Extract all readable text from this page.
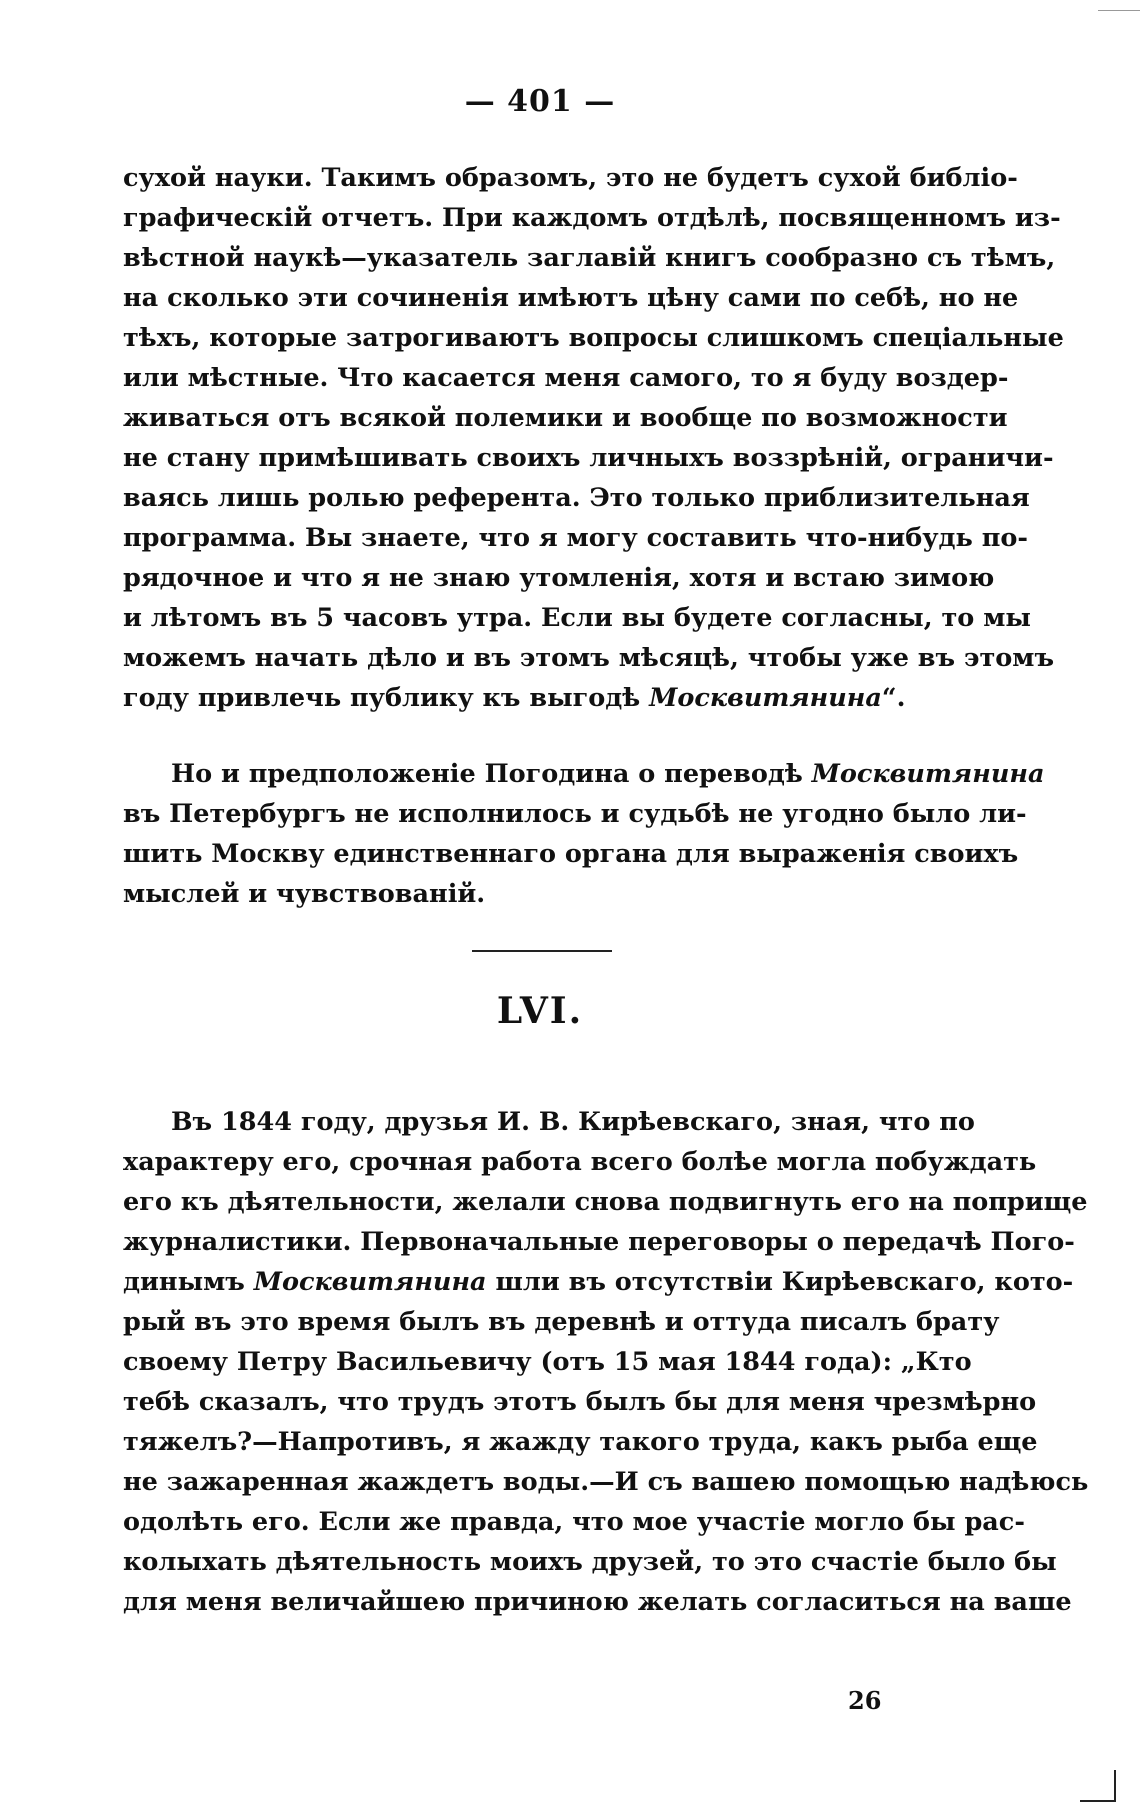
— 401 —
сухой науки. Такимъ образомъ, это не будетъ сухой библіо-
графическій отчетъ. При каждомъ отдѣлѣ, посвященномъ из-
вѣстной наукѣ—указатель заглавій книгъ сообразно съ тѣмъ,
на сколько эти сочиненія имѣютъ цѣну сами по себѣ, но не
тѣхъ, которые затрогиваютъ вопросы слишкомъ спеціальные
или мѣстные. Что касается меня самого, то я буду воздер-
живаться отъ всякой полемики и вообще по возможности
не стану примѣшивать своихъ личныхъ воззрѣній, ограничи-
ваясь лишь ролью референта. Это только приблизительная
программа. Вы знаете, что я могу составить что-нибудь по-
рядочное и что я не знаю утомленія, хотя и встаю зимою
и лѣтомъ въ 5 часовъ утра. Если вы будете согласны, то мы
можемъ начать дѣло и въ этомъ мѣсяцѣ, чтобы уже въ этомъ
году привлечь публику къ выгодѣ Москвитянина“.
Но и предположеніе Погодина о переводѣ Москвитянина
въ Петербургъ не исполнилось и судьбѣ не угодно было ли-
шить Москву единственнаго органа для выраженія своихъ
мыслей и чувствованій.
LVI.
Въ 1844 году, друзья И. В. Кирѣевскаго, зная, что по
характеру его, срочная работа всего болѣе могла побуждать
его къ дѣятельности, желали снова подвигнуть его на поприще
журналистики. Первоначальные переговоры о передачѣ Пого-
динымъ Москвитянина шли въ отсутствіи Кирѣевскаго, кото-
рый въ это время былъ въ деревнѣ и оттуда писалъ брату
своему Петру Васильевичу (отъ 15 мая 1844 года): „Кто
тебѣ сказалъ, что трудъ этотъ былъ бы для меня чрезмѣрно
тяжелъ?—Напротивъ, я жажду такого труда, какъ рыба еще
не зажаренная жаждетъ воды.—И съ вашею помощью надѣюсь
одолѣть его. Если же правда, что мое участіе могло бы рас-
колыхать дѣятельность моихъ друзей, то это счастіе было бы
для меня величайшею причиною желать согласиться на ваше
26
